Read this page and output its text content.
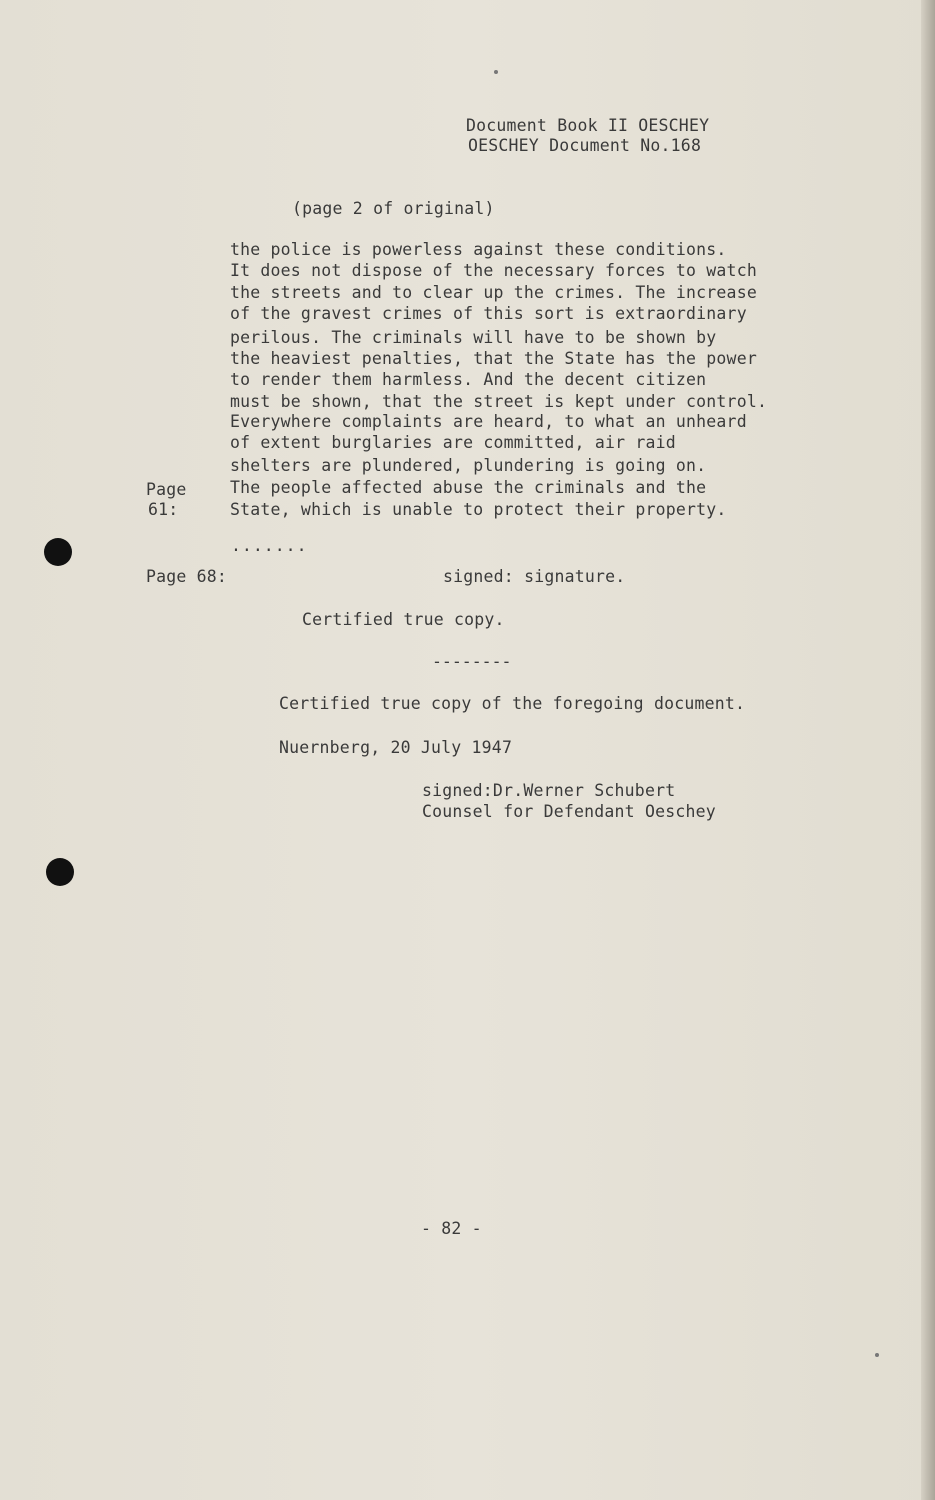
Document Book II OESCHEY
OESCHEY Document No.168
(page 2 of original)
the police is powerless against these conditions.
It does not dispose of the necessary forces to watch
the streets and to clear up the crimes. The increase
of the gravest crimes of this sort is extraordinary
perilous. The criminals will have to be shown by
the heaviest penalties, that the State has the power
to render them harmless. And the decent citizen
must be shown, that the street is kept under control.
Everywhere complaints are heard, to what an unheard
of extent burglaries are committed, air raid
shelters are plundered, plundering is going on.
The people affected abuse the criminals and the
State, which is unable to protect their property.
Page
61:
.......
Page 68:	signed: signature.
Certified true copy.
--------
Certified true copy of the foregoing document.
Nuernberg, 20 July 1947
signed:Dr.Werner Schubert
Counsel for Defendant Oeschey
- 82 -
